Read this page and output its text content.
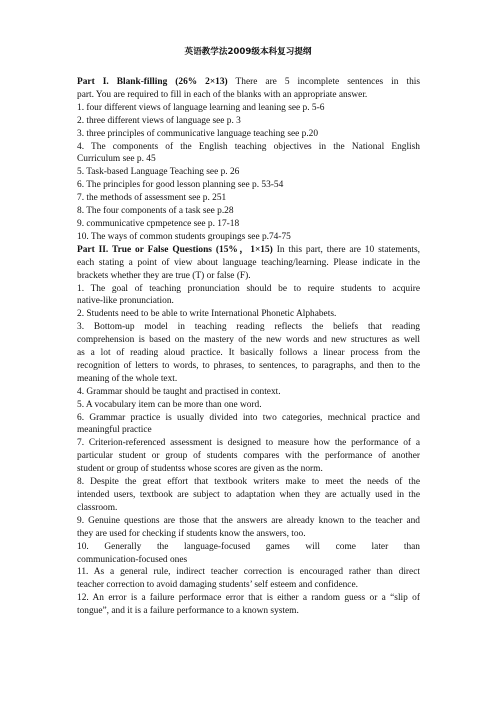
英语教学法2009级本科复习提纲

Part I. Blank-filling (26% 2×13) There are 5 incomplete sentences in this

part. You are required to fill in each of the blanks with an appropriate answer.

1. four different views of language learning and leaning see p. 5-6

2. three different views of language see p. 3

3. three principles of communicative language teaching see p.20

4. The components of the English teaching objectives in the National English

Curriculum see p. 45

5. Task-based Language Teaching see p. 26

6. The principles for good lesson planning see p. 53-54

7. the methods of assessment see p. 251

8. The four components of a task see p.28

9. communicative cpmpetence see p. 17-18

10. The ways of common students groupings see p.74-75

Part II. True or False Questions (15%，1×15) In this part, there are 10 statements,

each stating a point of view about language teaching/learning. Please indicate in the

brackets whether they are true (T) or false (F).

1. The goal of teaching pronunciation should be to require students to acquire

native-like pronunciation.

2. Students need to be able to write International Phonetic Alphabets.

3. Bottom-up model in teaching reading reflects the beliefs that reading

comprehension is based on the mastery of the new words and new structures as well

as a lot of reading aloud practice. It basically follows a linear process from the

recognition of letters to words, to phrases, to sentences, to paragraphs, and then to the

meaning of the whole text.

4. Grammar should be taught and practised in context.

5. A vocabulary item can be more than one word.

6. Grammar practice is usually divided into two categories, mechnical practice and

meaningful practice

7. Criterion-referenced assessment is designed to measure how the performance of a

particular student or group of students compares with the performance of another

student or group of studentss whose scores are given as the norm.

8. Despite the great effort that textbook writers make to meet the needs of the

intended users, textbook are subject to adaptation when they are actually used in the

classroom.

9. Genuine questions are those that the answers are already known to the teacher and

they are used for checking if students know the answers, too.

10. Generally the language-focused games will come later than

communication-focused ones

11. As a general rule, indirect teacher correction is encouraged rather than direct

teacher correction to avoid damaging students’ self esteem and confidence.

12. An error is a failure performace error that is either a random guess or a “slip of

tongue”, and it is a failure performance to a known system.
